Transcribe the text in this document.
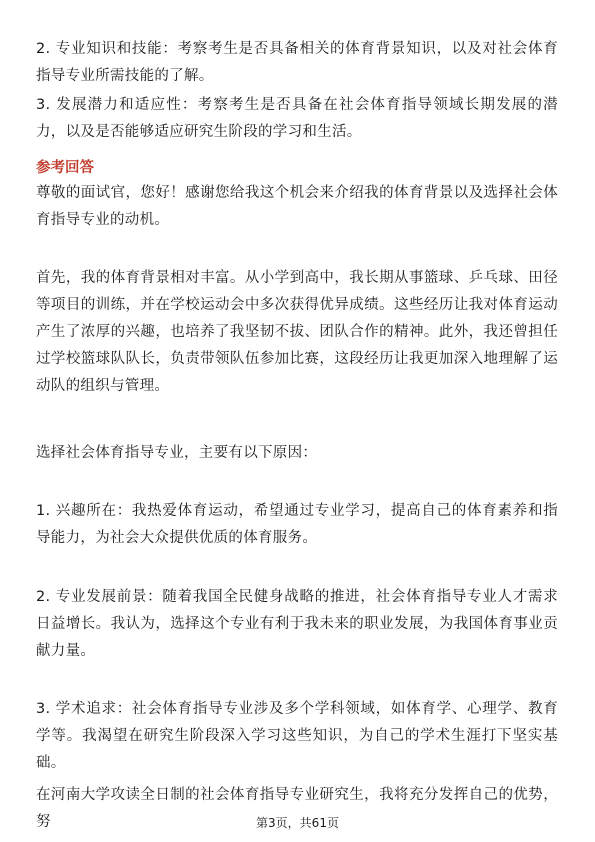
2. 专业知识和技能：考察考生是否具备相关的体育背景知识，以及对社会体育指导专业所需技能的了解。

3. 发展潜力和适应性：考察考生是否具备在社会体育指导领域长期发展的潜力，以及是否能够适应研究生阶段的学习和生活。

参考回答

尊敬的面试官，您好！感谢您给我这个机会来介绍我的体育背景以及选择社会体育指导专业的动机。

首先，我的体育背景相对丰富。从小学到高中，我长期从事篮球、乒乓球、田径等项目的训练，并在学校运动会中多次获得优异成绩。这些经历让我对体育运动产生了浓厚的兴趣，也培养了我坚韧不拔、团队合作的精神。此外，我还曾担任过学校篮球队队长，负责带领队伍参加比赛，这段经历让我更加深入地理解了运动队的组织与管理。

选择社会体育指导专业，主要有以下原因：

1. 兴趣所在：我热爱体育运动，希望通过专业学习，提高自己的体育素养和指导能力，为社会大众提供优质的体育服务。

2. 专业发展前景：随着我国全民健身战略的推进，社会体育指导专业人才需求日益增长。我认为，选择这个专业有利于我未来的职业发展，为我国体育事业贡献力量。

3. 学术追求：社会体育指导专业涉及多个学科领域，如体育学、心理学、教育学等。我渴望在研究生阶段深入学习这些知识，为自己的学术生涯打下坚实基础。

在河南大学攻读全日制的社会体育指导专业研究生，我将充分发挥自己的优势，努	第3页，共61页
